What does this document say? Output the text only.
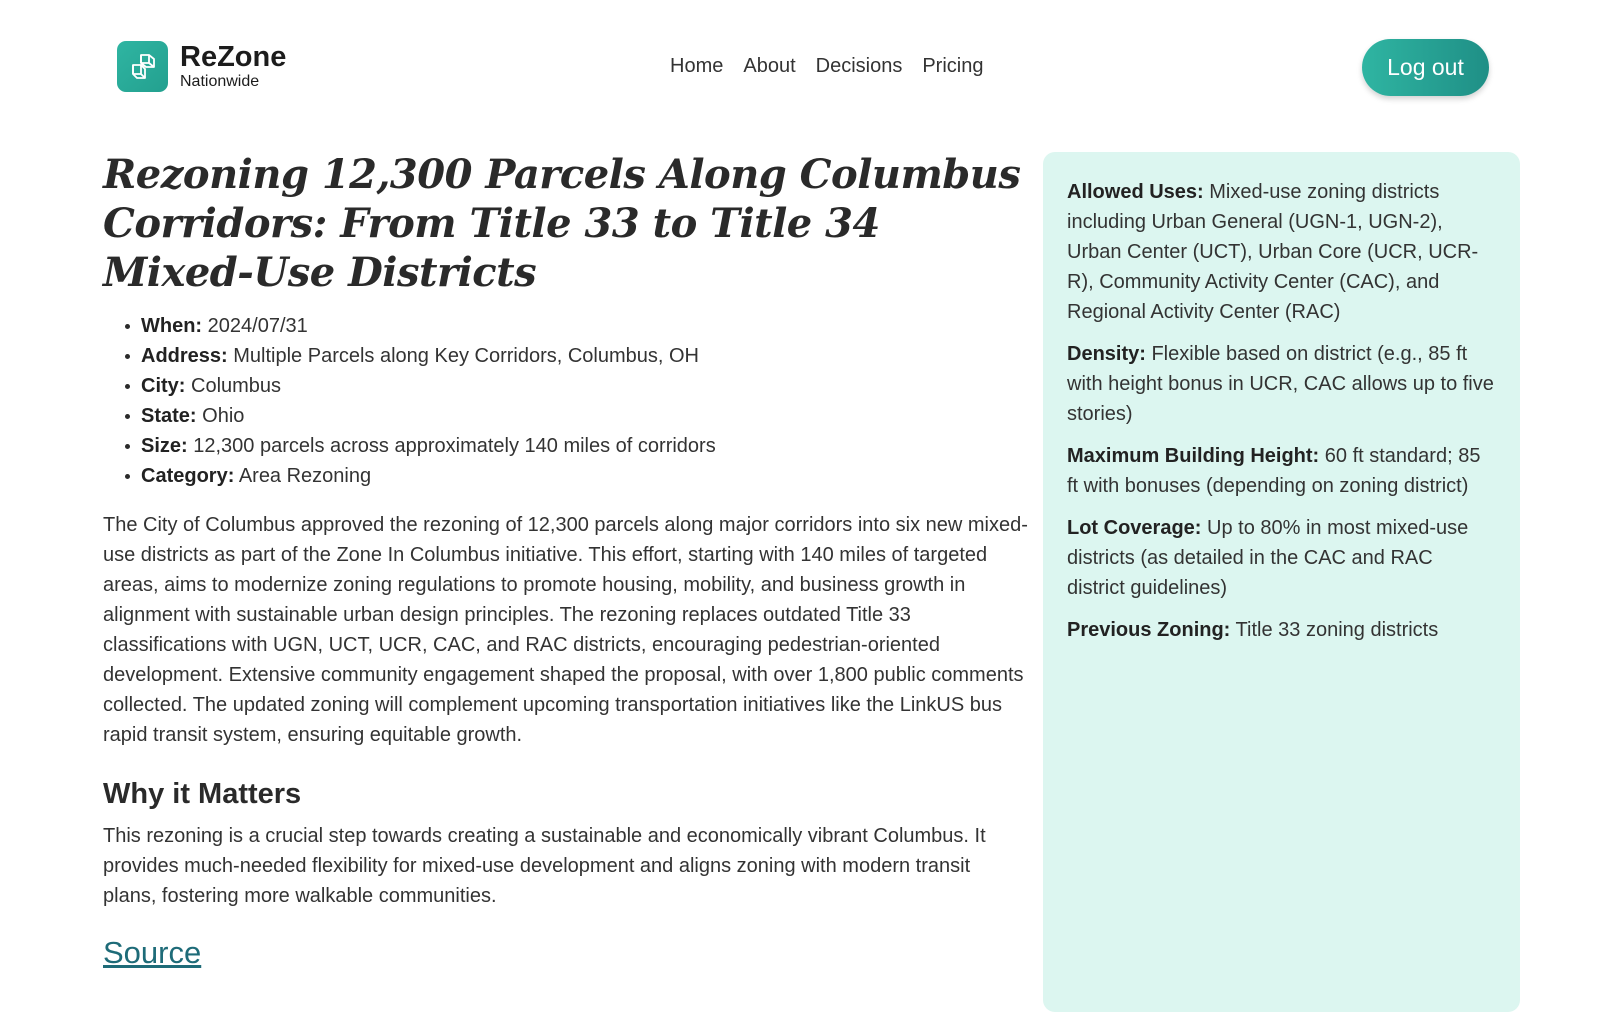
ReZone
Nationwide
Home About Decisions Pricing	Log out
Rezoning 12,300 Parcels Along Columbus Corridors: From Title 33 to Title 34 Mixed-Use Districts
When: 2024/07/31
Address: Multiple Parcels along Key Corridors, Columbus, OH
City: Columbus
State: Ohio
Size: 12,300 parcels across approximately 140 miles of corridors
Category: Area Rezoning

The City of Columbus approved the rezoning of 12,300 parcels along major corridors into six new mixed-use districts as part of the Zone In Columbus initiative. This effort, starting with 140 miles of targeted areas, aims to modernize zoning regulations to promote housing, mobility, and business growth in alignment with sustainable urban design principles. The rezoning replaces outdated Title 33 classifications with UGN, UCT, UCR, CAC, and RAC districts, encouraging pedestrian-oriented development. Extensive community engagement shaped the proposal, with over 1,800 public comments collected. The updated zoning will complement upcoming transportation initiatives like the LinkUS bus rapid transit system, ensuring equitable growth.

Why it Matters

This rezoning is a crucial step towards creating a sustainable and economically vibrant Columbus. It provides much-needed flexibility for mixed-use development and aligns zoning with modern transit plans, fostering more walkable communities.

Source

Allowed Uses: Mixed-use zoning districts including Urban General (UGN-1, UGN-2), Urban Center (UCT), Urban Core (UCR, UCR-R), Community Activity Center (CAC), and Regional Activity Center (RAC)

Density: Flexible based on district (e.g., 85 ft with height bonus in UCR, CAC allows up to five stories)

Maximum Building Height: 60 ft standard; 85 ft with bonuses (depending on zoning district)

Lot Coverage: Up to 80% in most mixed-use districts (as detailed in the CAC and RAC district guidelines)

Previous Zoning: Title 33 zoning districts
